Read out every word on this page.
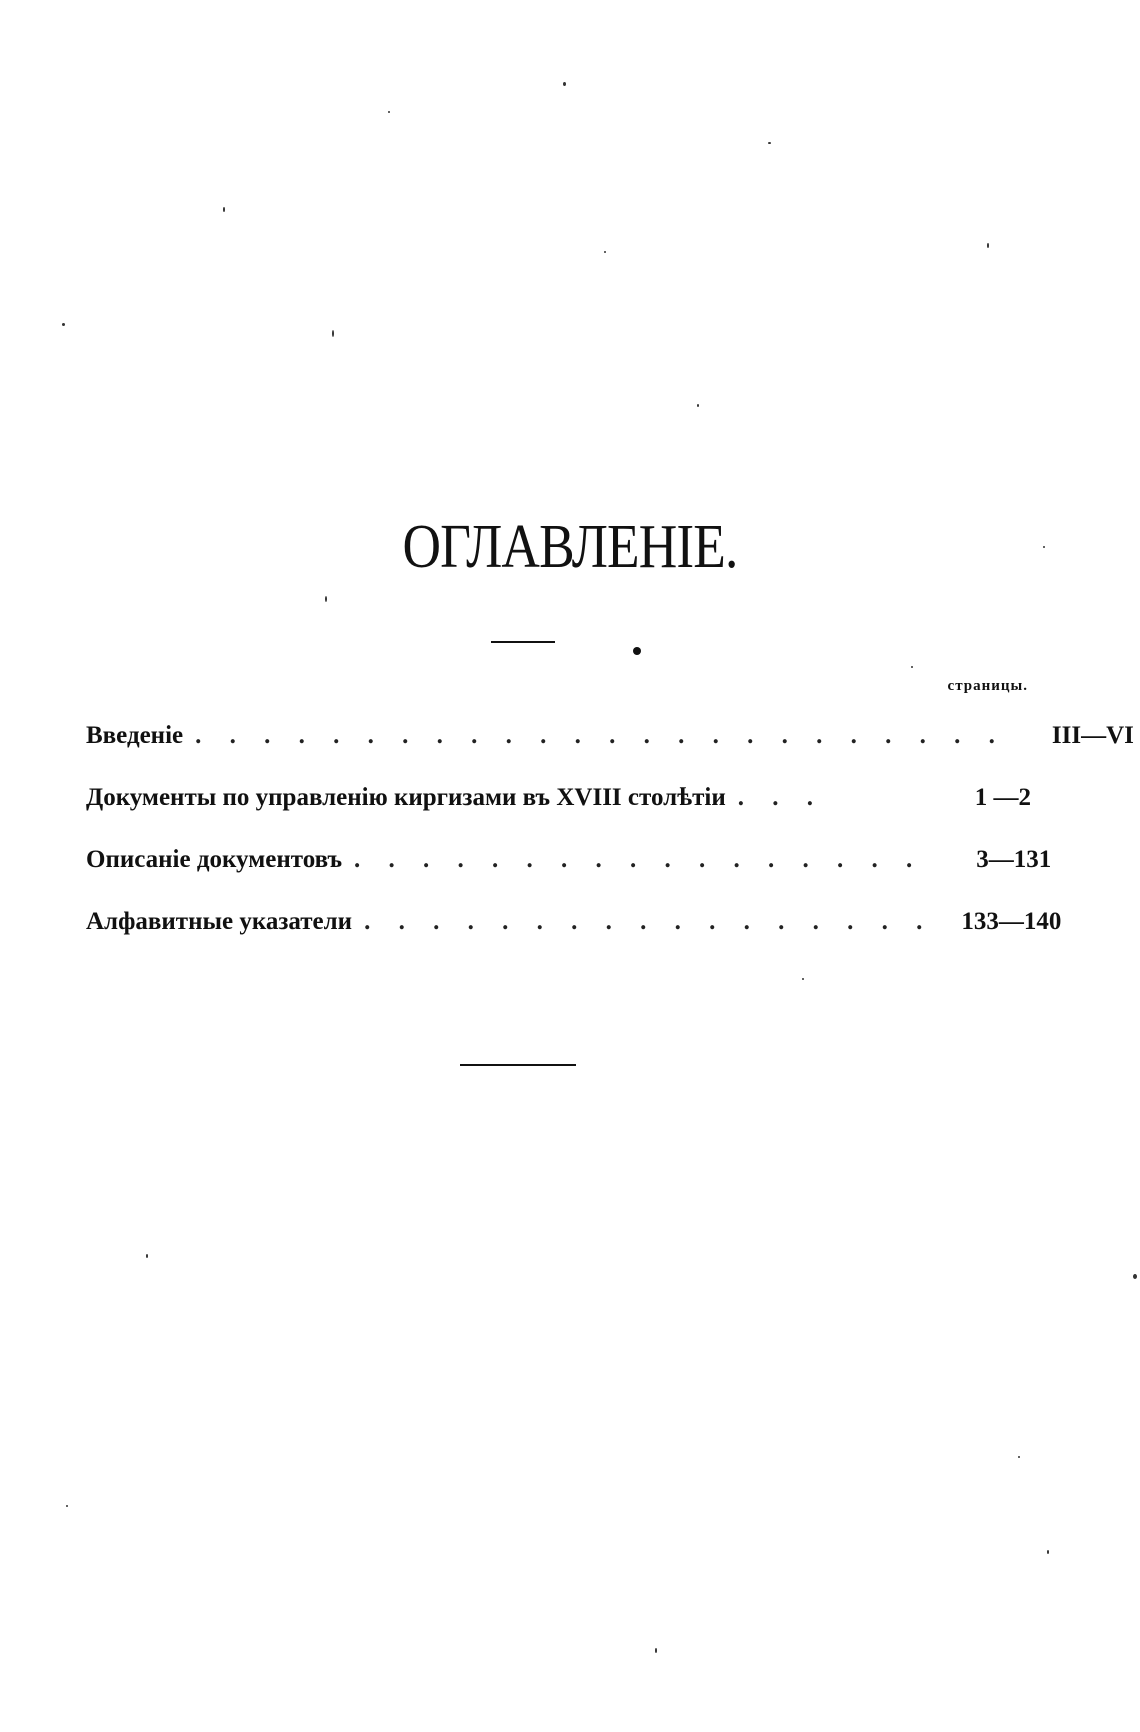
ОГЛАВЛЕНІЕ.
страницы.
Введеніе . . . . . . . . . . . . . . . . . . . . . . . .	III—VI
Документы по управленію киргизами въ XVIII столѣтіи . . .	1 —2
Описаніе документовъ . . . . . . . . . . . . . . . . .	3—131
Алфавитные указатели . . . . . . . . . . . . . . . . .	133—140
